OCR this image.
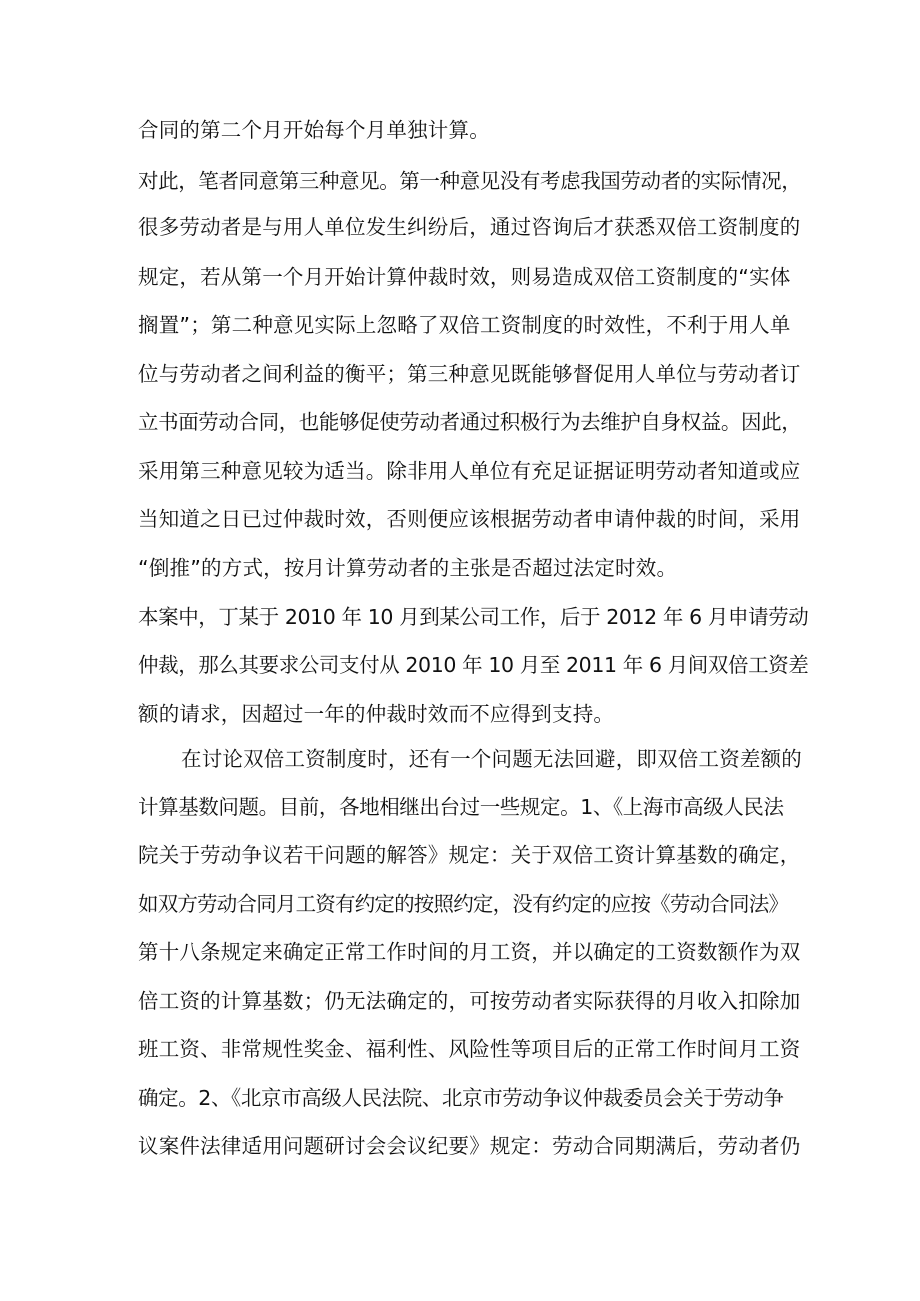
合同的第二个月开始每个月单独计算。
对此，笔者同意第三种意见。第一种意见没有考虑我国劳动者的实际情况，
很多劳动者是与用人单位发生纠纷后，通过咨询后才获悉双倍工资制度的
规定，若从第一个月开始计算仲裁时效，则易造成双倍工资制度的“实体
搁置”；第二种意见实际上忽略了双倍工资制度的时效性，不利于用人单
位与劳动者之间利益的衡平；第三种意见既能够督促用人单位与劳动者订
立书面劳动合同，也能够促使劳动者通过积极行为去维护自身权益。因此，
采用第三种意见较为适当。除非用人单位有充足证据证明劳动者知道或应
当知道之日已过仲裁时效，否则便应该根据劳动者申请仲裁的时间，采用
“倒推”的方式，按月计算劳动者的主张是否超过法定时效。
本案中，丁某于 2010 年 10 月到某公司工作，后于 2012 年 6 月申请劳动
仲裁，那么其要求公司支付从 2010 年 10 月至 2011 年 6 月间双倍工资差
额的请求，因超过一年的仲裁时效而不应得到支持。
在讨论双倍工资制度时，还有一个问题无法回避，即双倍工资差额的
计算基数问题。目前，各地相继出台过一些规定。1、《上海市高级人民法
院关于劳动争议若干问题的解答》规定：关于双倍工资计算基数的确定，
如双方劳动合同月工资有约定的按照约定，没有约定的应按《劳动合同法》
第十八条规定来确定正常工作时间的月工资，并以确定的工资数额作为双
倍工资的计算基数；仍无法确定的，可按劳动者实际获得的月收入扣除加
班工资、非常规性奖金、福利性、风险性等项目后的正常工作时间月工资
确定。2、《北京市高级人民法院、北京市劳动争议仲裁委员会关于劳动争
议案件法律适用问题研讨会会议纪要》规定：劳动合同期满后，劳动者仍
